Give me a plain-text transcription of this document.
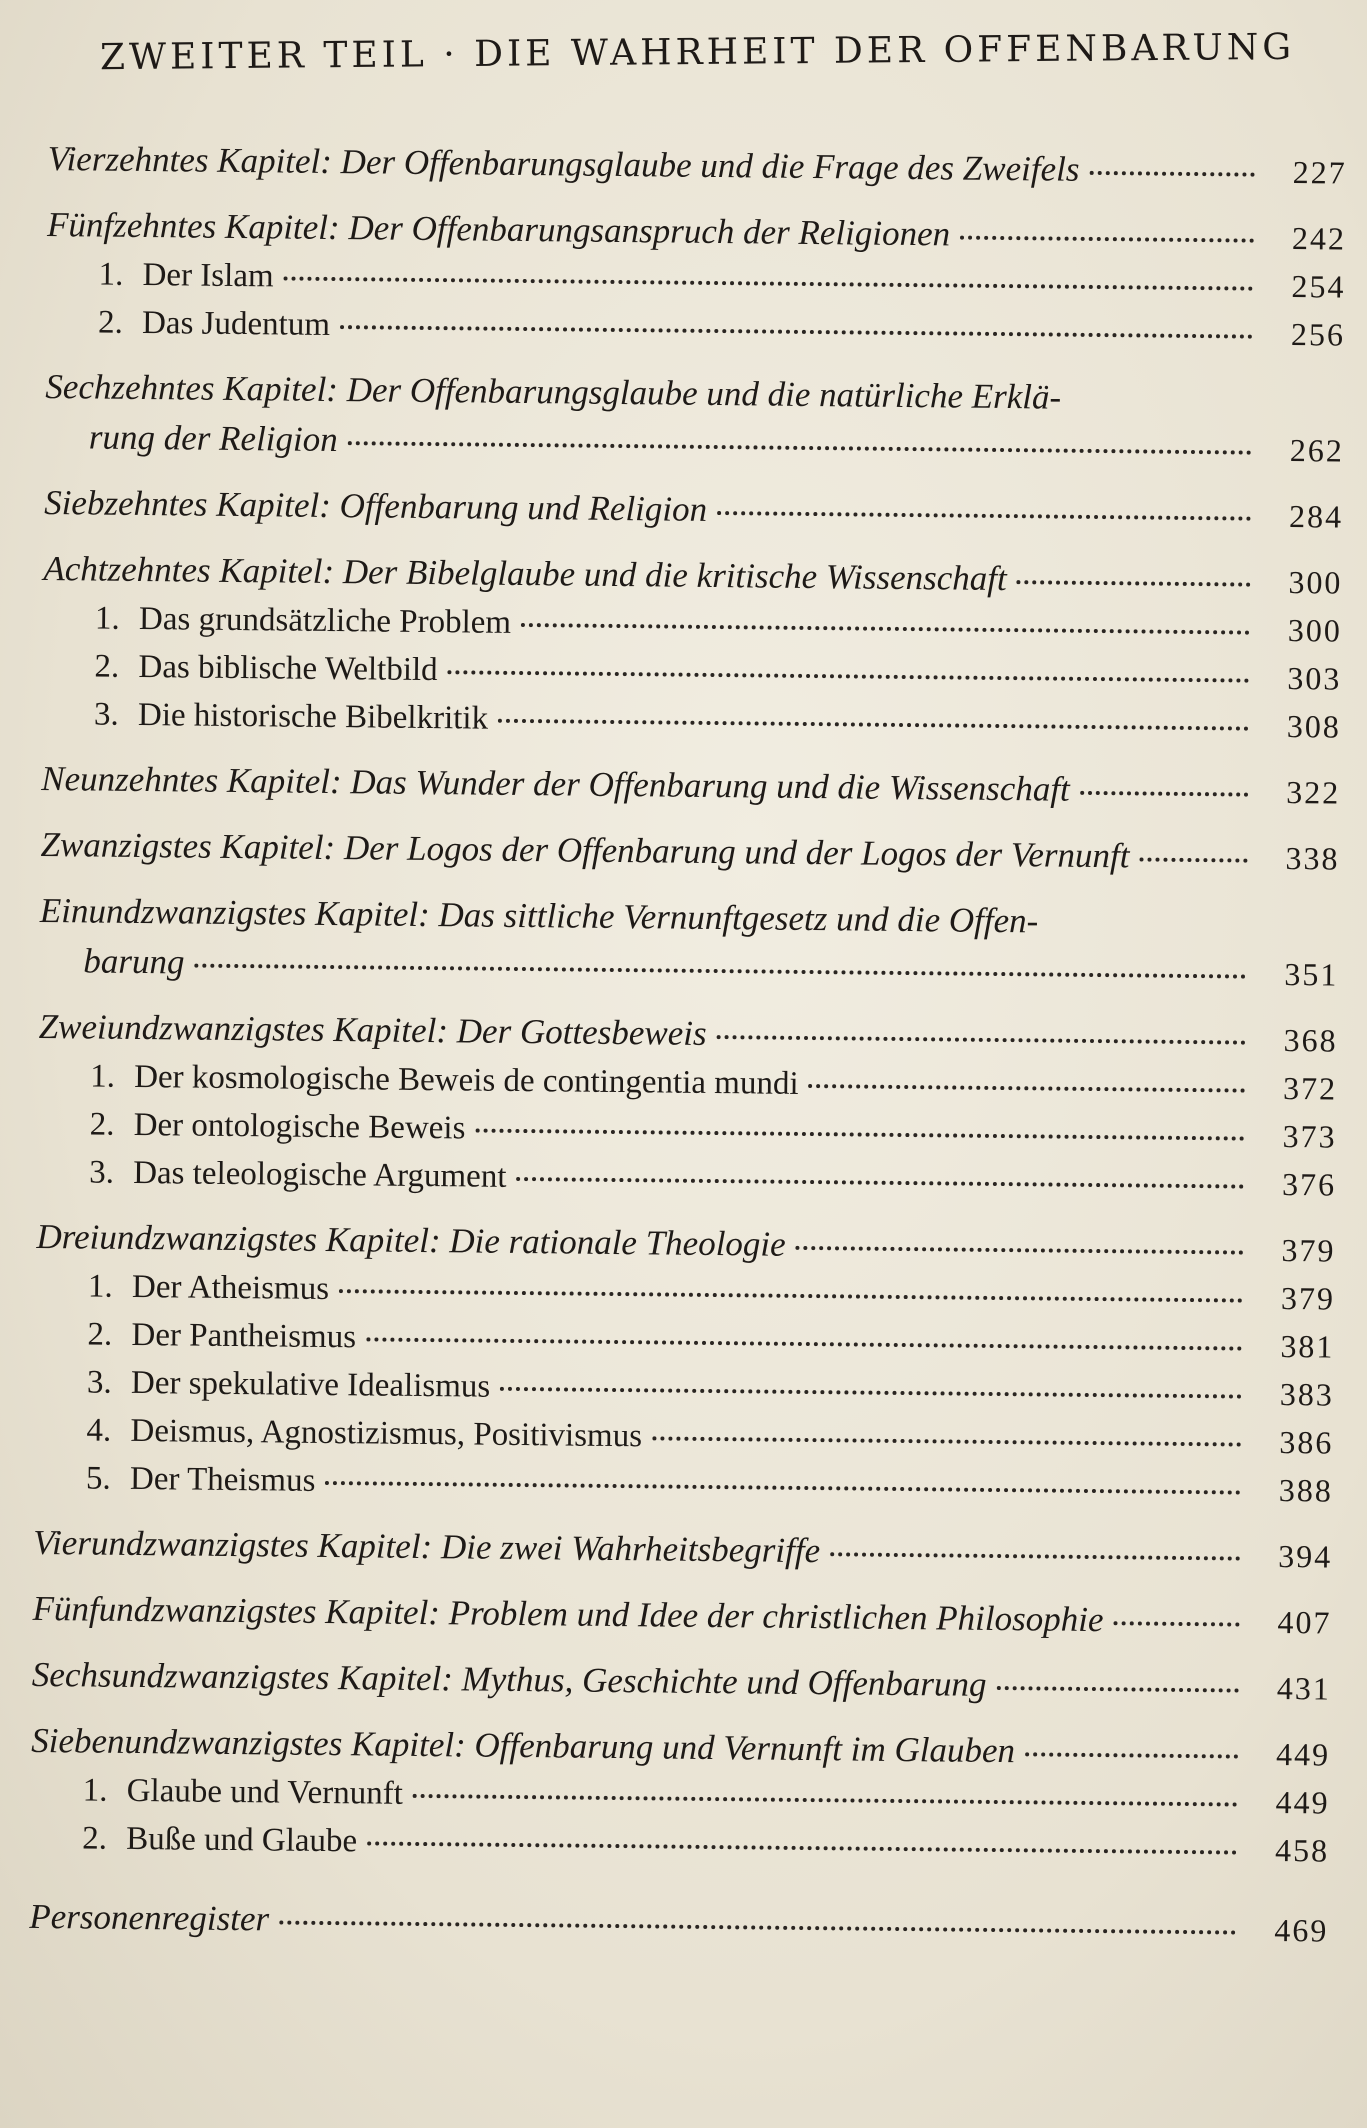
ZWEITER TEIL · DIE WAHRHEIT DER OFFENBARUNG
Vierzehntes Kapitel: Der Offenbarungsglaube und die Frage des Zweifels	227
Fünfzehntes Kapitel: Der Offenbarungsanspruch der Religionen	242
1. Der Islam	254
2. Das Judentum	256
Sechzehntes Kapitel: Der Offenbarungsglaube und die natürliche Erklä-
rung der Religion	262
Siebzehntes Kapitel: Offenbarung und Religion	284
Achtzehntes Kapitel: Der Bibelglaube und die kritische Wissenschaft	300
1. Das grundsätzliche Problem	300
2. Das biblische Weltbild	303
3. Die historische Bibelkritik	308
Neunzehntes Kapitel: Das Wunder der Offenbarung und die Wissenschaft	322
Zwanzigstes Kapitel: Der Logos der Offenbarung und der Logos der Vernunft	338
Einundzwanzigstes Kapitel: Das sittliche Vernunftgesetz und die Offen-
barung	351
Zweiundzwanzigstes Kapitel: Der Gottesbeweis	368
1. Der kosmologische Beweis de contingentia mundi	372
2. Der ontologische Beweis	373
3. Das teleologische Argument	376
Dreiundzwanzigstes Kapitel: Die rationale Theologie	379
1. Der Atheismus	379
2. Der Pantheismus	381
3. Der spekulative Idealismus	383
4. Deismus, Agnostizismus, Positivismus	386
5. Der Theismus	388
Vierundzwanzigstes Kapitel: Die zwei Wahrheitsbegriffe	394
Fünfundzwanzigstes Kapitel: Problem und Idee der christlichen Philosophie	407
Sechsundzwanzigstes Kapitel: Mythus, Geschichte und Offenbarung	431
Siebenundzwanzigstes Kapitel: Offenbarung und Vernunft im Glauben	449
1. Glaube und Vernunft	449
2. Buße und Glaube	458
Personenregister	469
